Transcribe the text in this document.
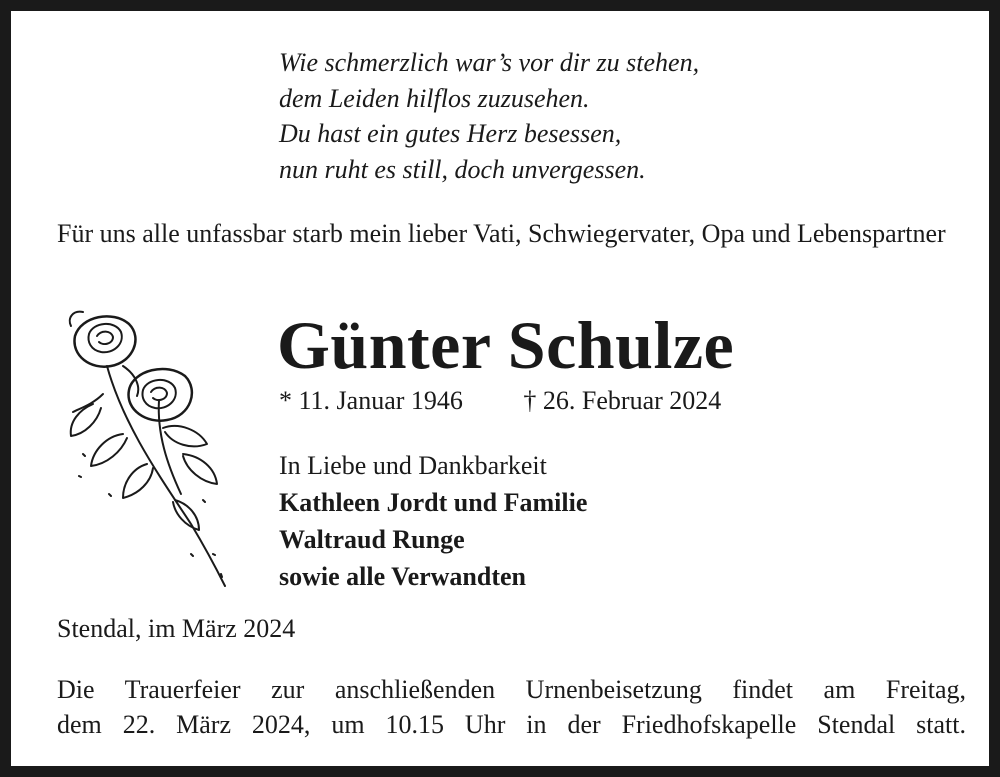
Wie schmerzlich war’s vor dir zu stehen,
dem Leiden hilflos zuzusehen.
Du hast ein gutes Herz besessen,
nun ruht es still, doch unvergessen.
Für uns alle unfassbar starb mein lieber Vati, Schwiegervater, Opa und Lebenspartner
Günter Schulze
* 11. Januar 1946 † 26. Februar 2024
In Liebe und Dankbarkeit
Kathleen Jordt und Familie
Waltraud Runge
sowie alle Verwandten
Stendal, im März 2024
Die Trauerfeier zur anschließenden Urnenbeisetzung findet am Freitag,
dem 22. März 2024, um 10.15 Uhr in der Friedhofskapelle Stendal statt.
